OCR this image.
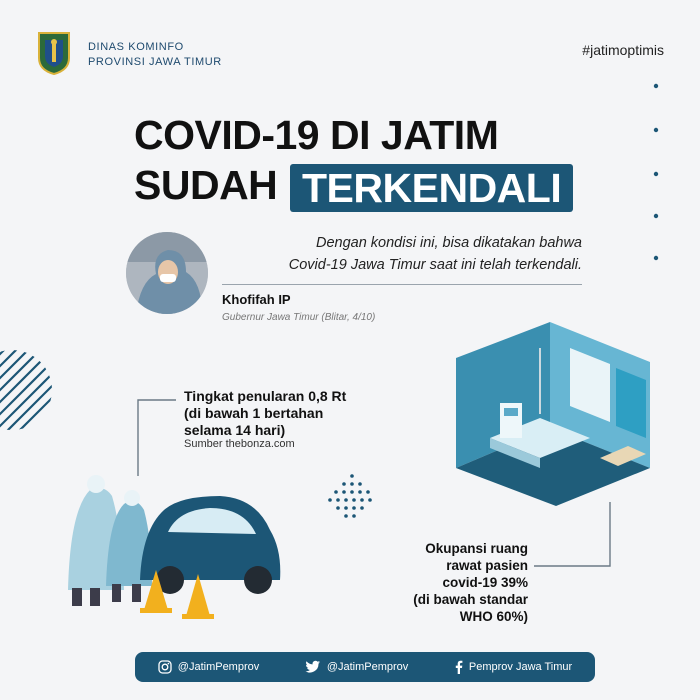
DINAS KOMINFO
PROVINSI JAWA TIMUR
#jatimoptimis
COVID-19 DI JATIM
SUDAH TERKENDALI
Dengan kondisi ini, bisa dikatakan bahwa
Covid-19 Jawa Timur saat ini telah terkendali.
Khofifah IP
Gubernur Jawa Timur (Blitar, 4/10)
Tingkat penularan 0,8 Rt
(di bawah 1 bertahan
selama 14 hari)
Sumber thebonza.com
Okupansi ruang
rawat pasien
covid-19 39%
(di bawah standar
WHO 60%)
@JatimPemprov	@JatimPemprov	Pemprov Jawa Timur
